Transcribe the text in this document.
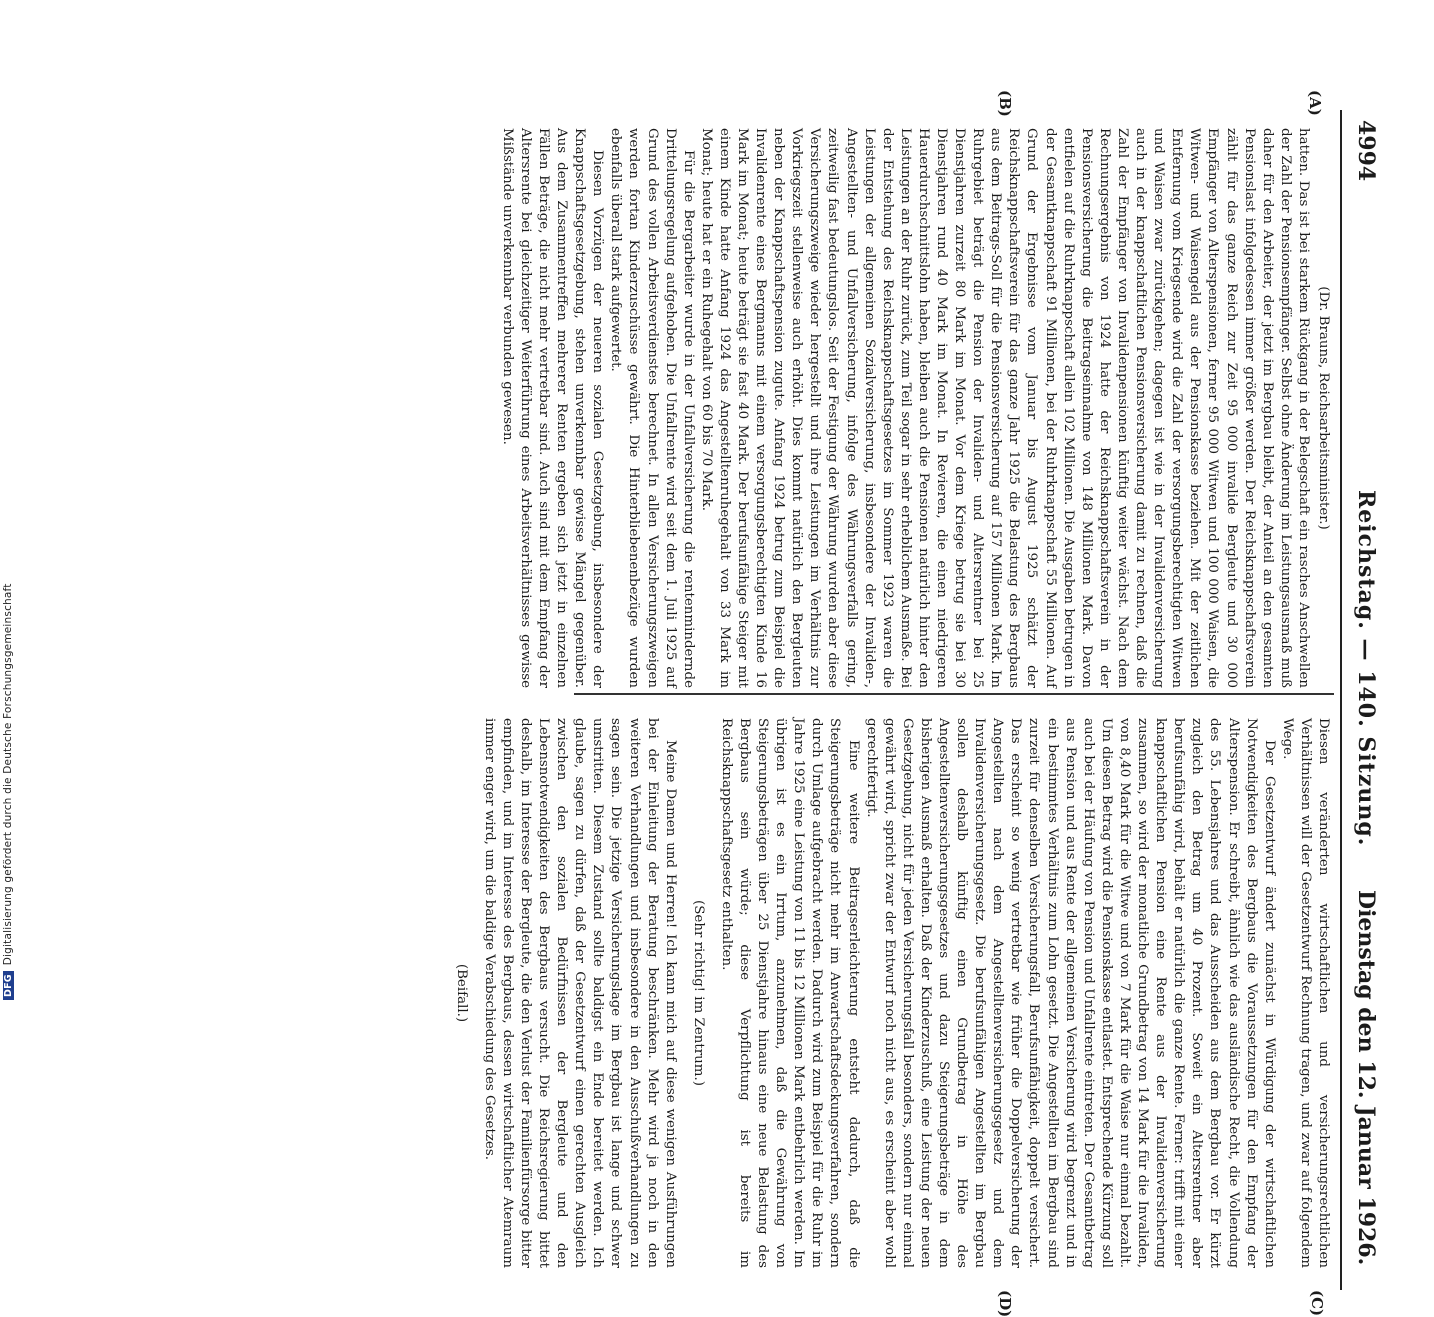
4994
Reichstag. — 140. Sitzung.
Dienstag den 12. Januar 1926.
(A)
(B)
(C)
(D)

(Dr. Brauns, Reichsarbeitsminister.)

hatten. Das ist bei starkem Rückgang in der Belegschaft ein rasches Anschwellen der Zahl der Pensionsempfänger. Selbst ohne Änderung im Leistungsausmaß muß daher für den Arbeiter, der jetzt im Bergbau bleibt, der Anteil an den gesamten Pensionslast infolgedessen immer größer werden. Der Reichsknappschaftsverein zählt für das ganze Reich zur Zeit 95 000 invalide Bergleute und 30 000 Empfänger von Alterspensionen, ferner 95 000 Witwen und 100 000 Waisen, die Witwen- und Waisengeld aus der Pensionskasse beziehen. Mit der zeitlichen Entfernung vom Kriegsende wird die Zahl der versorgungsberechtigten Witwen und Waisen zwar zurückgehen; dagegen ist wie in der Invalidenversicherung auch in der knappschaftlichen Pensionsversicherung damit zu rechnen, daß die Zahl der Empfänger von Invalidenpensionen künftig weiter wächst. Nach dem Rechnungsergebnis von 1924 hatte der Reichsknappschaftsverein in der Pensionsversicherung die Beitragseinnahme von 148 Millionen Mark. Davon entfielen auf die Ruhrknappschaft allein 102 Millionen. Die Ausgaben betrugen in der Gesamtknappschaft 91 Millionen, bei der Ruhrknappschaft 55 Millionen. Auf Grund der Ergebnisse vom Januar bis August 1925 schätzt der Reichsknappschaftsverein für das ganze Jahr 1925 die Belastung des Bergbaus aus dem Beitrags-Soll für die Pensionsversicherung auf 157 Millionen Mark. Im Ruhrgebiet beträgt die Pension der Invaliden- und Altersrentner bei 25 Dienstjahren zurzeit 80 Mark im Monat. Vor dem Kriege betrug sie bei 30 Dienstjahren rund 40 Mark im Monat. In Revieren, die einen niedrigeren Hauerdurchschnittslohn haben, bleiben auch die Pensionen natürlich hinter den Leistungen an der Ruhr zurück, zum Teil sogar in sehr erheblichem Ausmaße. Bei der Entstehung des Reichsknappschaftsgesetzes im Sommer 1923 waren die Leistungen der allgemeinen Sozialversicherung, insbesondere der Invaliden-, Angestellten- und Unfallversicherung, infolge des Währungsverfalls gering, zeitweilig fast bedeutungslos. Seit der Festigung der Währung wurden aber diese Versicherungszweige wieder hergestellt und ihre Leistungen im Verhältnis zur Vorkriegszeit stellenweise auch erhöht. Dies kommt natürlich den Bergleuten neben der Knappschaftspension zugute. Anfang 1924 betrug zum Beispiel die Invalidenrente eines Bergmanns mit einem versorgungsberechtigten Kinde 16 Mark im Monat; heute beträgt sie fast 40 Mark. Der berufsunfähige Steiger mit einem Kinde hatte Anfang 1924 das Angestelltenruhegehalt von 33 Mark im Monat; heute hat er ein Ruhegehalt von 60 bis 70 Mark.

Für die Bergarbeiter wurde in der Unfallversicherung die rentenmindernde Drittelungsregelung aufgehoben. Die Unfallrente wird seit dem 1. Juli 1925 auf Grund des vollen Arbeitsverdienstes berechnet. In allen Versicherungszweigen werden fortan Kinderzuschüsse gewährt. Die Hinterbliebenenbezüge wurden ebenfalls überall stark aufgewertet.

Diesen Vorzügen der neueren sozialen Gesetzgebung, insbesondere der Knappschaftsgesetzgebung, stehen unverkennbar gewisse Mängel gegenüber. Aus dem Zusammentreffen mehrerer Renten ergeben sich jetzt in einzelnen Fällen Beträge, die nicht mehr vertretbar sind. Auch sind mit dem Empfang der Altersrente bei gleichzeitiger Weiterführung eines Arbeitsverhältnisses gewisse Mißstände unverkennbar verbunden gewesen.

Diesen veränderten wirtschaftlichen und versicherungsrechtlichen Verhältnissen will der Gesetzentwurf Rechnung tragen, und zwar auf folgendem Wege.

Der Gesetzentwurf ändert zunächst in Würdigung der wirtschaftlichen Notwendigkeiten des Bergbaus die Voraussetzungen für den Empfang der Alterspension. Er schreibt, ähnlich wie das ausländische Recht, die Vollendung des 55. Lebensjahres und das Ausscheiden aus dem Bergbau vor. Er kürzt zugleich den Betrag um 40 Prozent. Soweit ein Altersrentner aber berufsunfähig wird, behält er natürlich die ganze Rente. Ferner: trifft mit einer knappschaftlichen Pension eine Rente aus der Invalidenversicherung zusammen, so wird der monatliche Grundbetrag von 14 Mark für die Invaliden, von 8,40 Mark für die Witwe und von 7 Mark für die Waise nur einmal bezahlt. Um diesen Betrag wird die Pensionskasse entlastet. Entsprechende Kürzung soll auch bei der Häufung von Pension und Unfallrente eintreten. Der Gesamtbetrag aus Pension und aus Rente der allgemeinen Versicherung wird begrenzt und in ein bestimmtes Verhältnis zum Lohn gesetzt. Die Angestellten im Bergbau sind zurzeit für denselben Versicherungsfall, Berufsunfähigkeit, doppelt versichert. Das erscheint so wenig vertretbar wie früher die Doppelversicherung der Angestellten nach dem Angestelltenversicherungsgesetz und dem Invalidenversicherungsgesetz. Die berufsunfähigen Angestellten im Bergbau sollen deshalb künftig einen Grundbetrag in Höhe des Angestelltenversicherungsgesetzes und dazu Steigerungsbeträge in dem bisherigen Ausmaß erhalten. Daß der Kinderzuschuß, eine Leistung der neuen Gesetzgebung, nicht für jeden Versicherungsfall besonders, sondern nur einmal gewährt wird, spricht zwar der Entwurf noch nicht aus, es erscheint aber wohl gerechtfertigt.

Eine weitere Beitragserleichterung entsteht dadurch, daß die Steigerungsbeträge nicht mehr im Anwartschaftsdeckungsverfahren, sondern durch Umlage aufgebracht werden. Dadurch wird zum Beispiel für die Ruhr im Jahre 1925 eine Leistung von 11 bis 12 Millionen Mark entbehrlich werden. Im übrigen ist es ein Irrtum, anzunehmen, daß die Gewährung von Steigerungsbeträgen über 25 Dienstjahre hinaus eine neue Belastung des Bergbaus sein würde; diese Verpflichtung ist bereits im Reichsknappschaftsgesetz enthalten.

(Sehr richtig! im Zentrum.)

Meine Damen und Herren! Ich kann mich auf diese wenigen Ausführungen bei der Einleitung der Beratung beschränken. Mehr wird ja noch in den weiteren Verhandlungen und insbesondere in den Ausschußverhandlungen zu sagen sein. Die jetzige Versicherungslage im Bergbau ist lange und schwer umstritten. Diesem Zustand sollte baldigst ein Ende bereitet werden. Ich glaube, sagen zu dürfen, daß der Gesetzentwurf einen gerechten Ausgleich zwischen den sozialen Bedürfnissen der Bergleute und den Lebensnotwendigkeiten des Bergbaus versucht. Die Reichsregierung bittet deshalb, im Interesse der Bergleute, die den Verlust der Familienfürsorge bitter empfinden, und im Interesse des Bergbaus, dessen wirtschaftlicher Atemraum immer enger wird, um die baldige Verabschiedung des Gesetzes.

(Beifall.)

DFGDigitalisierung gefördert durch die Deutsche Forschungsgemeinschaft
